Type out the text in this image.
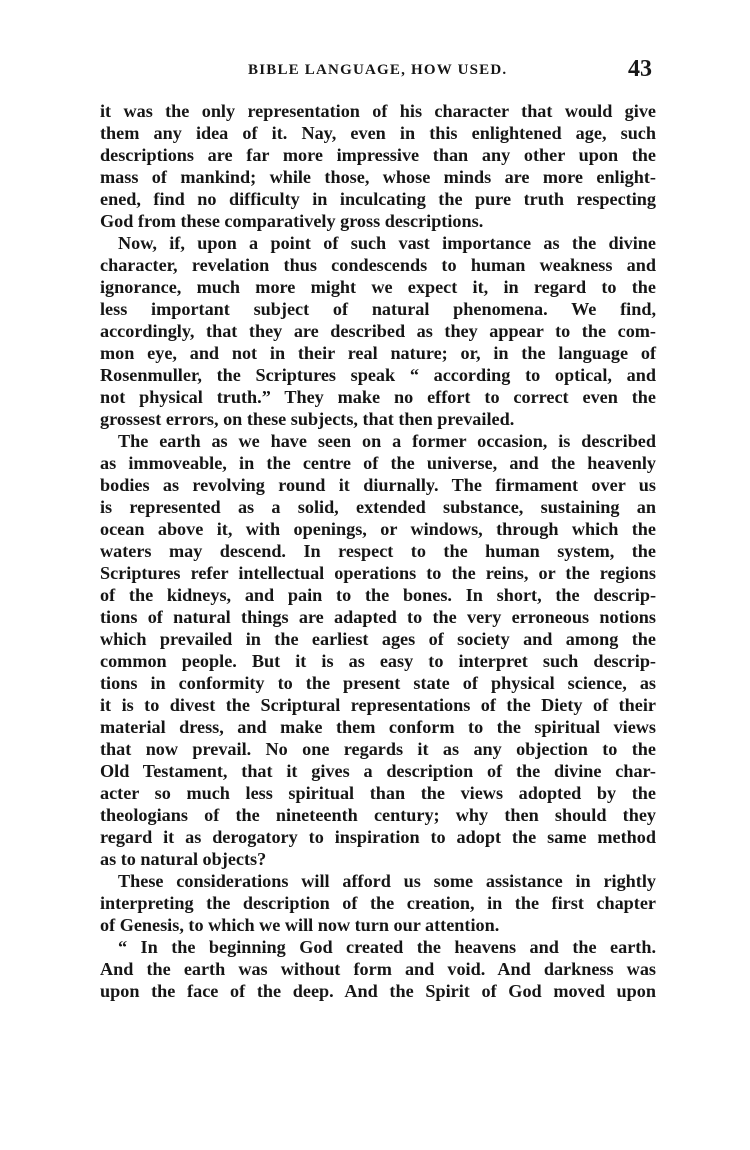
BIBLE LANGUAGE, HOW USED.	43
it was the only representation of his character that would give
them any idea of it. Nay, even in this enlightened age, such
descriptions are far more impressive than any other upon the
mass of mankind; while those, whose minds are more enlight-
ened, find no difficulty in inculcating the pure truth respecting
God from these comparatively gross descriptions.
Now, if, upon a point of such vast importance as the divine
character, revelation thus condescends to human weakness and
ignorance, much more might we expect it, in regard to the
less important subject of natural phenomena. We find,
accordingly, that they are described as they appear to the com-
mon eye, and not in their real nature; or, in the language of
Rosenmuller, the Scriptures speak “ according to optical, and
not physical truth.” They make no effort to correct even the
grossest errors, on these subjects, that then prevailed.
The earth as we have seen on a former occasion, is described
as immoveable, in the centre of the universe, and the heavenly
bodies as revolving round it diurnally. The firmament over us
is represented as a solid, extended substance, sustaining an
ocean above it, with openings, or windows, through which the
waters may descend. In respect to the human system, the
Scriptures refer intellectual operations to the reins, or the regions
of the kidneys, and pain to the bones. In short, the descrip-
tions of natural things are adapted to the very erroneous notions
which prevailed in the earliest ages of society and among the
common people. But it is as easy to interpret such descrip-
tions in conformity to the present state of physical science, as
it is to divest the Scriptural representations of the Diety of their
material dress, and make them conform to the spiritual views
that now prevail. No one regards it as any objection to the
Old Testament, that it gives a description of the divine char-
acter so much less spiritual than the views adopted by the
theologians of the nineteenth century; why then should they
regard it as derogatory to inspiration to adopt the same method
as to natural objects?
These considerations will afford us some assistance in rightly
interpreting the description of the creation, in the first chapter
of Genesis, to which we will now turn our attention.
“ In the beginning God created the heavens and the earth.
And the earth was without form and void. And darkness was
upon the face of the deep. And the Spirit of God moved upon
